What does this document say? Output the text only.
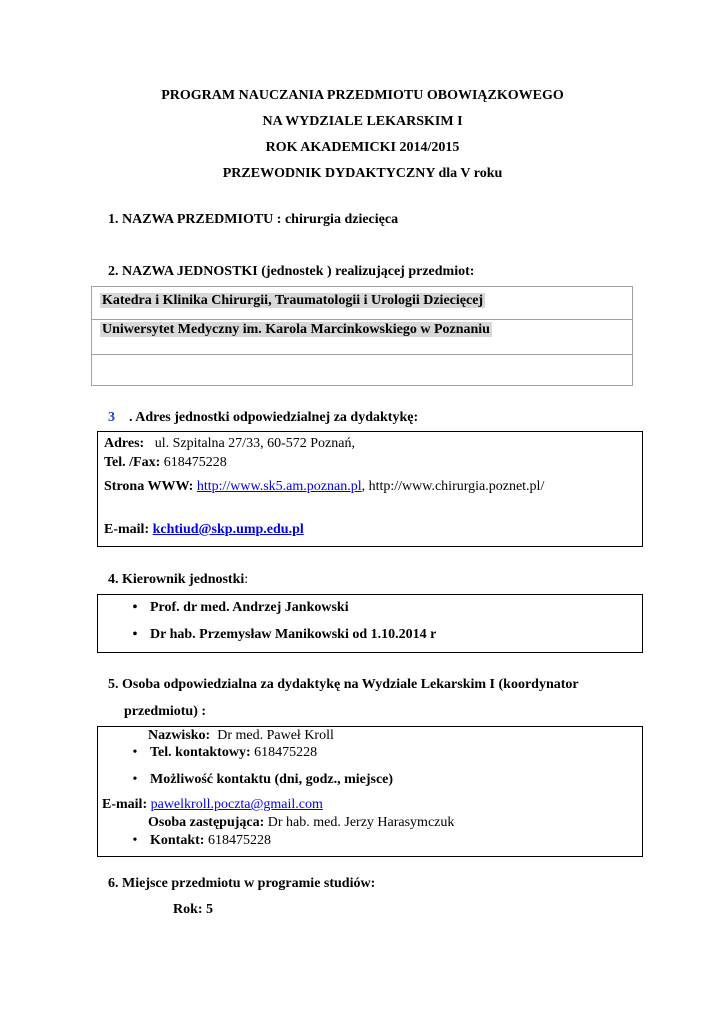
PROGRAM NAUCZANIA PRZEDMIOTU OBOWIĄZKOWEGO
NA WYDZIALE LEKARSKIM I
ROK AKADEMICKI 2014/2015
PRZEWODNIK DYDAKTYCZNY dla V roku
1. NAZWA PRZEDMIOTU : chirurgia dziecięca
2. NAZWA JEDNOSTKI (jednostek ) realizującej przedmiot:
Katedra i Klinika Chirurgii, Traumatologii i Urologii Dziecięcej
Uniwersytet Medyczny im. Karola Marcinkowskiego w Poznaniu
3 . Adres jednostki odpowiedzialnej za dydaktykę:
Adres: ul. Szpitalna 27/33, 60-572 Poznań,
Tel. /Fax: 618475228
Strona WWW: http://www.sk5.am.poznan.pl, http://www.chirurgia.poznet.pl/
E-mail: kchtiud@skp.ump.edu.pl
4. Kierownik jednostki:
• Prof. dr med. Andrzej Jankowski
• Dr hab. Przemysław Manikowski od 1.10.2014 r
5. Osoba odpowiedzialna za dydaktykę na Wydziale Lekarskim I (koordynator
przedmiotu) :
Nazwisko: Dr med. Paweł Kroll
• Tel. kontaktowy: 618475228
• Możliwość kontaktu (dni, godz., miejsce)
E-mail: pawelkroll.poczta@gmail.com
Osoba zastępująca: Dr hab. med. Jerzy Harasymczuk
• Kontakt: 618475228
6. Miejsce przedmiotu w programie studiów:
Rok: 5
